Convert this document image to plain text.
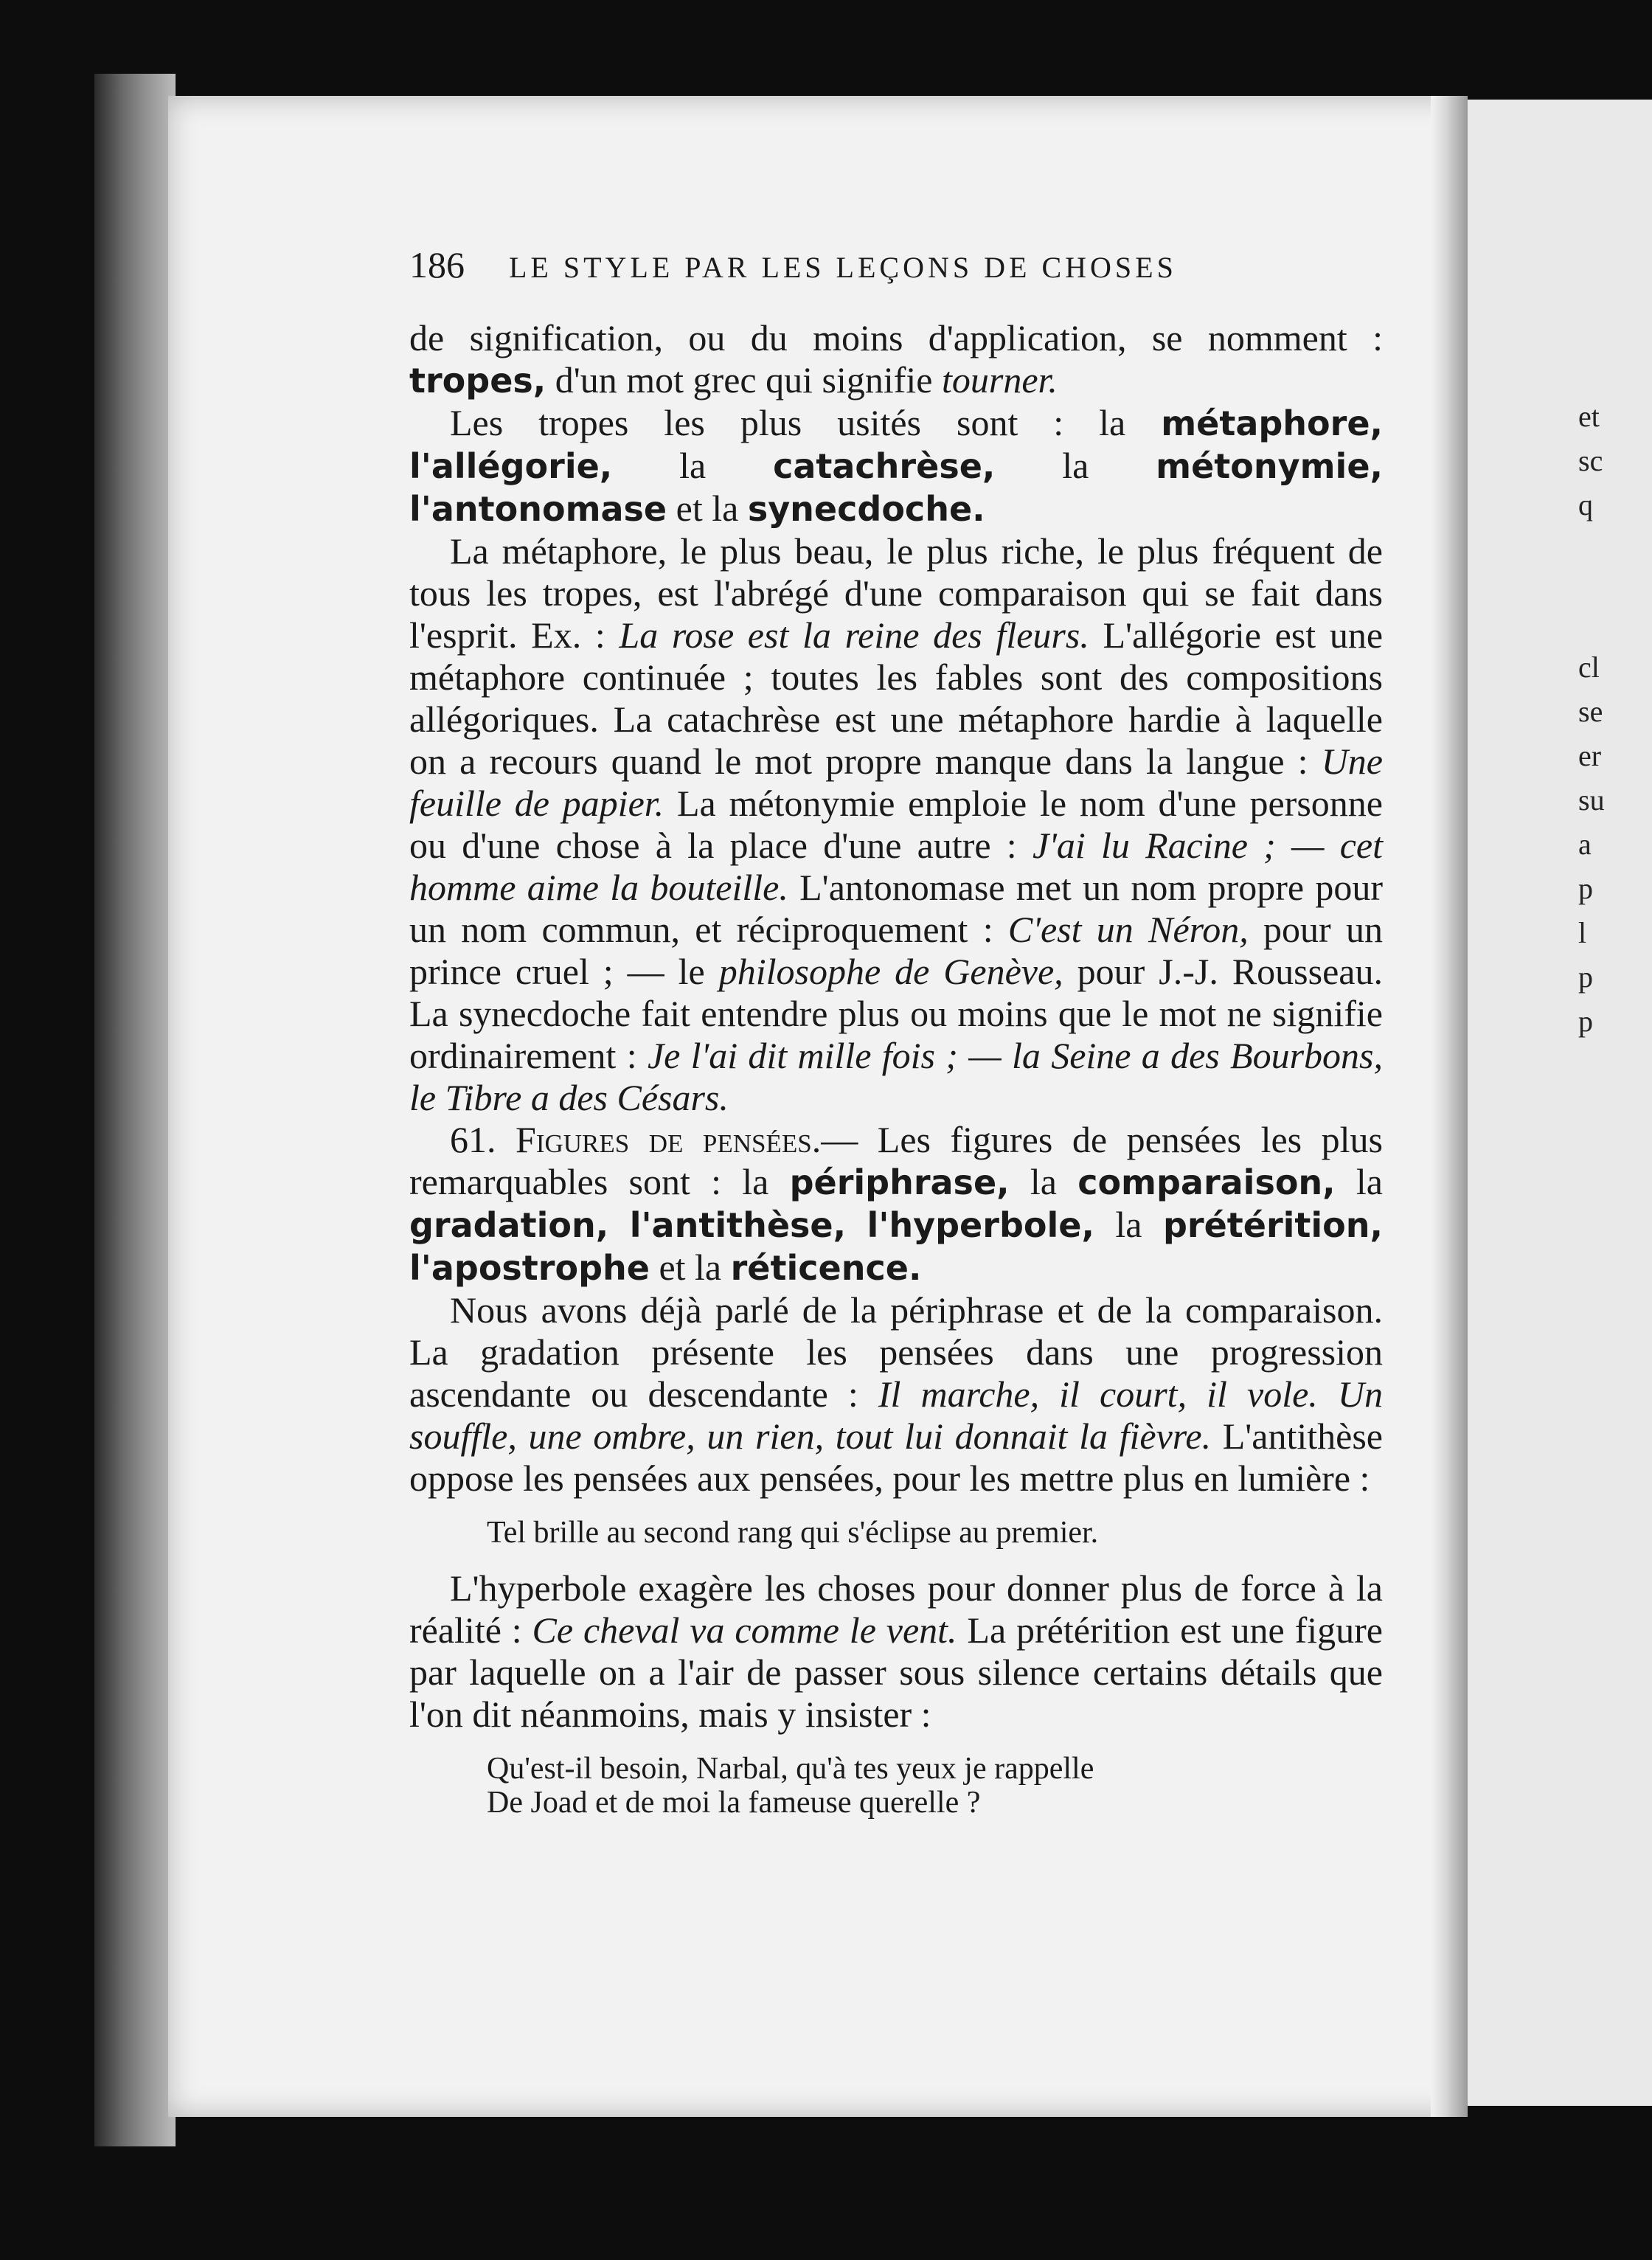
et
sc
q
cl
se
er
su
a
p
l
p
p
186 LE STYLE PAR LES LEÇONS DE CHOSES

de signification, ou du moins d'application, se nomment : tropes, d'un mot grec qui signifie tourner.

Les tropes les plus usités sont : la métaphore, l'allégorie, la catachrèse, la métonymie, l'antonomase et la synecdoche.

La métaphore, le plus beau, le plus riche, le plus fréquent de tous les tropes, est l'abrégé d'une comparaison qui se fait dans l'esprit. Ex. : La rose est la reine des fleurs. L'allégorie est une métaphore continuée ; toutes les fables sont des compositions allégoriques. La catachrèse est une métaphore hardie à laquelle on a recours quand le mot propre manque dans la langue : Une feuille de papier. La métonymie emploie le nom d'une personne ou d'une chose à la place d'une autre : J'ai lu Racine ; — cet homme aime la bouteille. L'antonomase met un nom propre pour un nom commun, et réciproquement : C'est un Néron, pour un prince cruel ; — le philosophe de Genève, pour J.-J. Rousseau. La synecdoche fait entendre plus ou moins que le mot ne signifie ordinairement : Je l'ai dit mille fois ; — la Seine a des Bourbons, le Tibre a des Césars.

61. Figures de pensées.— Les figures de pensées les plus remarquables sont : la périphrase, la comparaison, la gradation, l'antithèse, l'hyperbole, la prétérition, l'apostrophe et la réticence.

Nous avons déjà parlé de la périphrase et de la comparaison. La gradation présente les pensées dans une progression ascendante ou descendante : Il marche, il court, il vole. Un souffle, une ombre, un rien, tout lui donnait la fièvre. L'antithèse oppose les pensées aux pensées, pour les mettre plus en lumière :

Tel brille au second rang qui s'éclipse au premier.

L'hyperbole exagère les choses pour donner plus de force à la réalité : Ce cheval va comme le vent. La prétérition est une figure par laquelle on a l'air de passer sous silence certains détails que l'on dit néanmoins, mais y insister :

Qu'est-il besoin, Narbal, qu'à tes yeux je rappelle
De Joad et de moi la fameuse querelle ?
